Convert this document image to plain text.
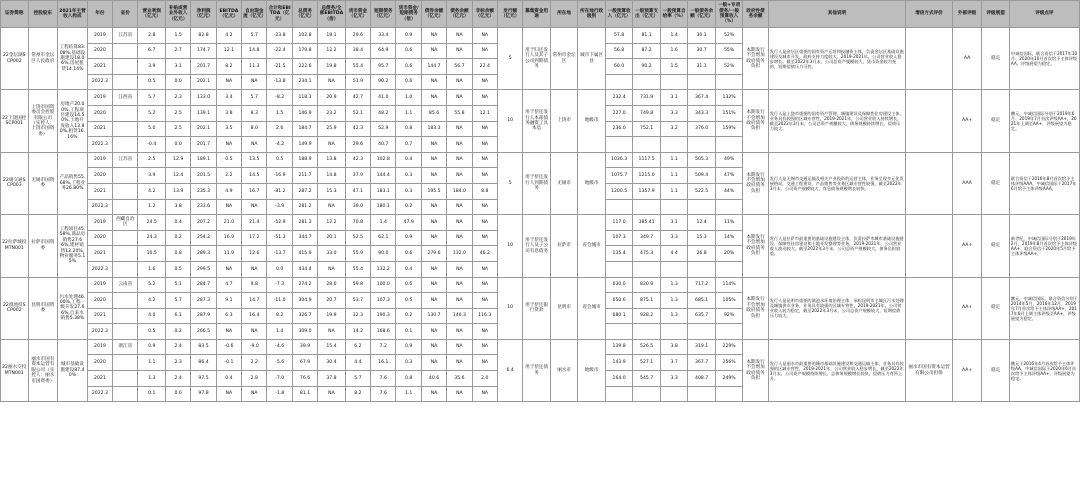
证券简称	控股股东	2021年主营收入构成	年份	省份	营业利润（亿元）	补贴或营业外收入（亿元）	净利润（亿元）	EBITDA（亿元）	自由现金流（亿元）	合计和EBITDA（亿元）	总债务（亿元）	总债务/全部EBITDA（倍）	货币资金（亿元）	短期债务（亿元）	货币资金/短期债务（倍）	债券余额（亿元）	债务余额（亿元）	非标余额（亿元）	发行额（亿元）	募集资金用途	所在地	所在地行政级别	一般预算收入（亿元）	一般预算支出（亿元）	一般预算自给率（%）	一般债务余额（亿元）	一般+专项债务/一般预算收入（%）	政府性债务余额	其他说明	增信方式评价	外部评级	评级展望	评级点评
22金坛湖SCP002	常州市金坛区人民政府	工程结算83.08%,基础设施建设18.06%,房屋租赁14.14%	2019	江苏省	2.8	1.5	82.8	4.2	5.7	-23.8	102.8	18.1	29.6	33.4	0.9	NA	NA	NA	5	用于归还发行人及其子公司到期债务	常州市金坛区	城市下属区县	57.8	81.1	1.4	30.1	52%	本期发行不会增加政府债务负担	发行人是金坛区重要的国有资产运营和投融资主体，负责金坛区基础设施建设及城市开发，政府支持力度较大，2019-2021年，公司营业收入稳步增长。截至2022年3月末，公司总资产规模较大，货币资金较为充裕，短期偿债压力可控。		AA	稳定	中诚信国际，联合资信于2017年10月、2020年10月首次给予主体评级AA，评级展望为稳定。
			2020		6.7	2.7	174.7	12.1	14.8	-22.4	179.8	12.2	38.4	64.9	0.6	NA	NA	NA					56.8	87.2	1.6	30.7	55%						
			2021		3.9	3.1	201.7	8.2	11.3	-21.5	222.6	19.8	55.4	95.7	0.6	144.7	56.7	22.4					60.0	90.2	1.5	31.1	52%						
			2022.3		0.5	0.0	202.1	NA	NA	-13.8	234.1	NA	51.9	90.2	0.6	NA	NA	NA															
22上饶国控SCP001	上饶市国资委员会控股有限公司（实控人：上饶市国资委）	房地产20.00%,工程项目建设14.50%,土地开发收入13.80%,租赁16.16%	2019	江西省	5.7	2.3	133.0	3.4	5.7	-8.2	118.3	20.9	42.7	41.0	1.0	NA	NA	NA	10	用于偿还发行人本部债务融资工具本息	上饶市	地级市	232.4	731.9	3.1	367.4	132%	本期发行不会增加政府债务负担	发行人是上饶市重要的国有资产管理、城镇建设及保障性住房建设主体，业务具有较强的区域专营性，2019-2021年，公司营业收入持续增长，截至2022年3月末，公司总资产规模较大，债务规模持续增长，偿债压力较大。		AA+	稳定	鹏元，中诚信国际分别于2019年6月、2019年7月首次评级AA+，2021年上调至AA+，评级展望为稳定。
			2020		5.2	2.5	139.1	3.8	8.3	1.5	146.9	23.2	52.1	48.2	1.1	85.6	55.8	12.1					227.0	749.8	3.3	343.3	151%						
			2021		5.0	2.5	202.1	3.5	8.0	2.6	184.7	25.9	42.3	52.9	0.8	183.3	NA	NA					236.0	752.1	3.2	376.0	159%						
			2022.3		-0.4	0.0	201.7	NA	NA	-4.2	149.9	NA	29.6	40.7	0.7	NA	NA	NA															
22锡交通SCP003	无锡市国资委	产品销售55.68%,工程业务26.80%	2019	江苏省	2.5	12.9	189.1	0.5	13.5	0.5	188.9	13.8	42.3	102.8	0.4	NA	NA	NA	5	用于偿还发行人到期债务	无锡市	地级市	1036.3	1117.5	1.1	505.3	49%	本期发行不会增加政府债务负担	发行人是无锡市交通运输及相关产业投资的运营主体，业务呈现多元化发展格局，交通工程建设、产品销售等业务区域专营性较强，截至2022年3月末，公司资产规模较大，有息债务规模增长较快。		AAA	稳定	联合资信于2016年8月首次给予主体评级AAA，中诚信国际于2017年6月给予主体评级AAA。
			2020		3.9	12.4	201.5	2.2	14.5	-16.9	211.7	14.8	37.9	144.4	0.3	NA	NA	NA					1075.7	1215.0	1.1	509.4	47%						
			2021		4.2	13.9	235.3	4.9	16.7	-81.2	287.2	15.3	47.1	183.1	0.3	195.5	184.0	8.8					1200.5	1357.9	1.1	522.5	44%						
			2022.3		1.2	3.8	233.6	NA	NA	-3.9	281.2	NA	39.0	180.1	0.2	NA	NA	NA															
22拉萨城投MTN001	拉萨市国资委	工程项目45.58%,商品房销售27.66%,建材销售12.20%,物业服务5.15%	2019	西藏自治区	24.5	0.4	207.2	21.0	21.4	-52.9	281.3	12.2	70.8	1.4	47.9	NA	NA	NA	10	用于偿还发行人及子公司有息债务	拉萨市	省会城市	117.0	385.41	3.1	12.4	11%	本期发行不会增加政府债务负担	发行人是拉萨市最重要的基础设施建设主体，负责拉萨市城市基础设施建设、保障性住房建设和土地开发整理等业务，2019-2021年，公司营业收入波动较大，截至2022年3月末，公司总资产规模较大，债务负担较重。		AA+	稳定	新世纪，中诚信国际分别于2019年2月、2019年8月首次给予主体评级AA+，联合资信于2020年5月给予主体评级AA+。
			2020		24.3	0.2	254.2	16.9	17.2	-51.3	344.7	20.1	52.5	62.1	0.9	NA	NA	NA					107.3	349.7	3.3	15.3	14%						
			2021		10.5	0.8	289.3	11.9	12.6	-13.7	415.9	33.0	55.9	90.0	0.6	279.6	132.0	46.2					135.4	475.3	4.4	26.8	20%						
			2022.3		1.6	0.5	299.5	NA	NA	0.0	434.4	NA	55.4	132.2	0.4	NA	NA	NA															
22滇池投SCP002	昆明市国资委	污水处理46.00%,工程一级开发27.66%,自来水销售5.38%	2019	云南省	5.2	5.1	284.7	4.7	9.8	-7.3	274.2	28.0	59.8	100.0	0.6	NA	NA	NA	10	用于偿还银行贷款	昆明市	省会城市	630.0	820.9	1.3	717.2	114%	本期发行不会增加政府债务负担	发行人是昆明市重要的滇池水环境治理主体，承担昆明市主城区污水处理及城镇供水业务，业务具有较强的区域专营性，2019-2021年，公司营业收入较为稳定，截至2022年3月末，公司总资产规模较大，短期偿债压力较大。		AA+	稳定	鹏元，中诚信国际，联合资信分别于2014年5月、2016年12月、2019年7月首次给予主体评级AA+，2017年6月上调主体评级至AA+，评级展望为稳定。
			2020		4.2	5.7	287.3	9.1	14.7	-11.0	304.9	20.7	53.7	107.3	0.5	NA	NA	NA					650.6	875.1	1.3	685.1	105%						
			2021		4.0	6.1	287.9	6.3	16.4	8.2	326.7	19.9	32.3	190.3	0.2	130.7	140.3	116.3					680.1	928.2	1.3	635.7	92%						
			2022.3		0.5	0.2	266.5	NA	NA	1.4	309.0	NA	14.2	168.6	0.1	NA	NA	NA															
22丽水交投MTN001	丽水市国有资本运营有限公司（实控人：丽水市国资委）	城市基础设施建设87.40%	2019	浙江省	0.9	2.4	83.5	-0.6	-9.0	-4.6	39.9	15.4	6.2	7.2	0.9	NA	NA	NA	6.4	用于偿还债务	丽水市	地级市	139.8	526.5	3.8	319.1	229%	本期发行不会增加政府债务负担	发行人是丽水市最重要的城市基础设施建设和交通运输主体，业务具有较强的区域专营性，2019-2021年，公司营业收入稳步增长，截至2022年3月末，公司资产规模持续增长，总债务规模增长较快，偿债压力有所上升。	丽水市国有资本运营有限公司担保	AA+	稳定	鹏元于2016年4月首次给予主体评级AA，中诚信国际于2020年6月首次给予主体评级AA+，评级展望为稳定。
			2020		1.1	2.3	86.4	-0.1	2.2	-5.6	67.9	30.4	4.4	16.1	0.3	NA	NA	NA					143.9	527.1	3.7	367.7	256%						
			2021		1.3	2.4	97.5	0.4	2.8	-7.0	76.6	37.8	5.7	7.6	0.8	40.6	35.6	2.0					164.0	545.7	3.3	408.7	249%						
			2022.3		0.1	0.6	97.8	NA	NA	-1.8	81.1	NA	8.2	7.6	1.1	NA	NA	NA															
